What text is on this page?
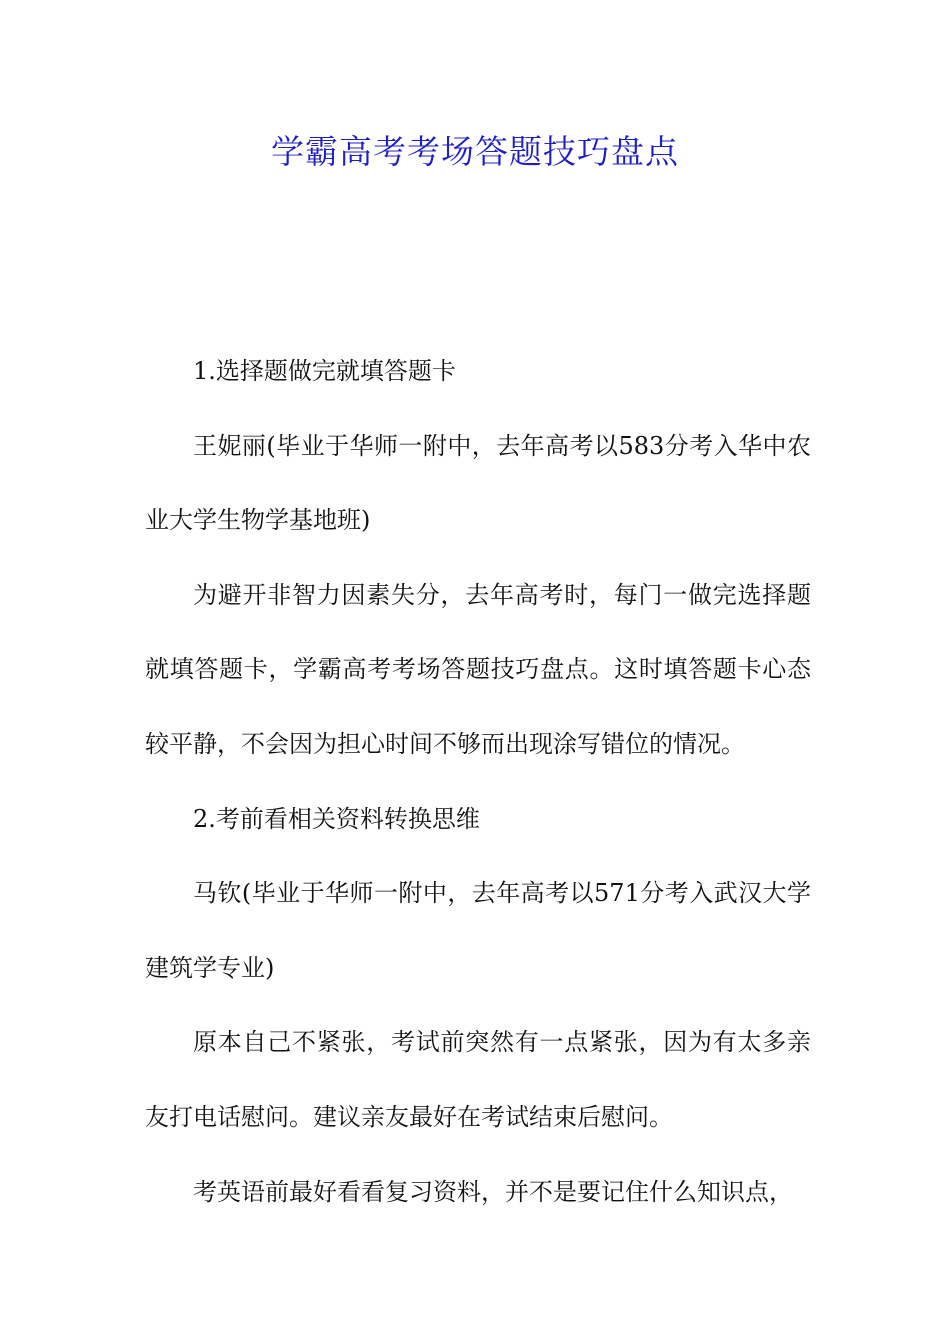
学霸高考考场答题技巧盘点

1.选择题做完就填答题卡

王妮丽(毕业于华师一附中，去年高考以583分考入华中农业大学生物学基地班)

为避开非智力因素失分，去年高考时，每门一做完选择题就填答题卡，学霸高考考场答题技巧盘点。这时填答题卡心态较平静，不会因为担心时间不够而出现涂写错位的情况。

2.考前看相关资料转换思维

马钦(毕业于华师一附中，去年高考以571分考入武汉大学建筑学专业)

原本自己不紧张，考试前突然有一点紧张，因为有太多亲友打电话慰问。建议亲友最好在考试结束后慰问。

考英语前最好看看复习资料，并不是要记住什么知识点，
